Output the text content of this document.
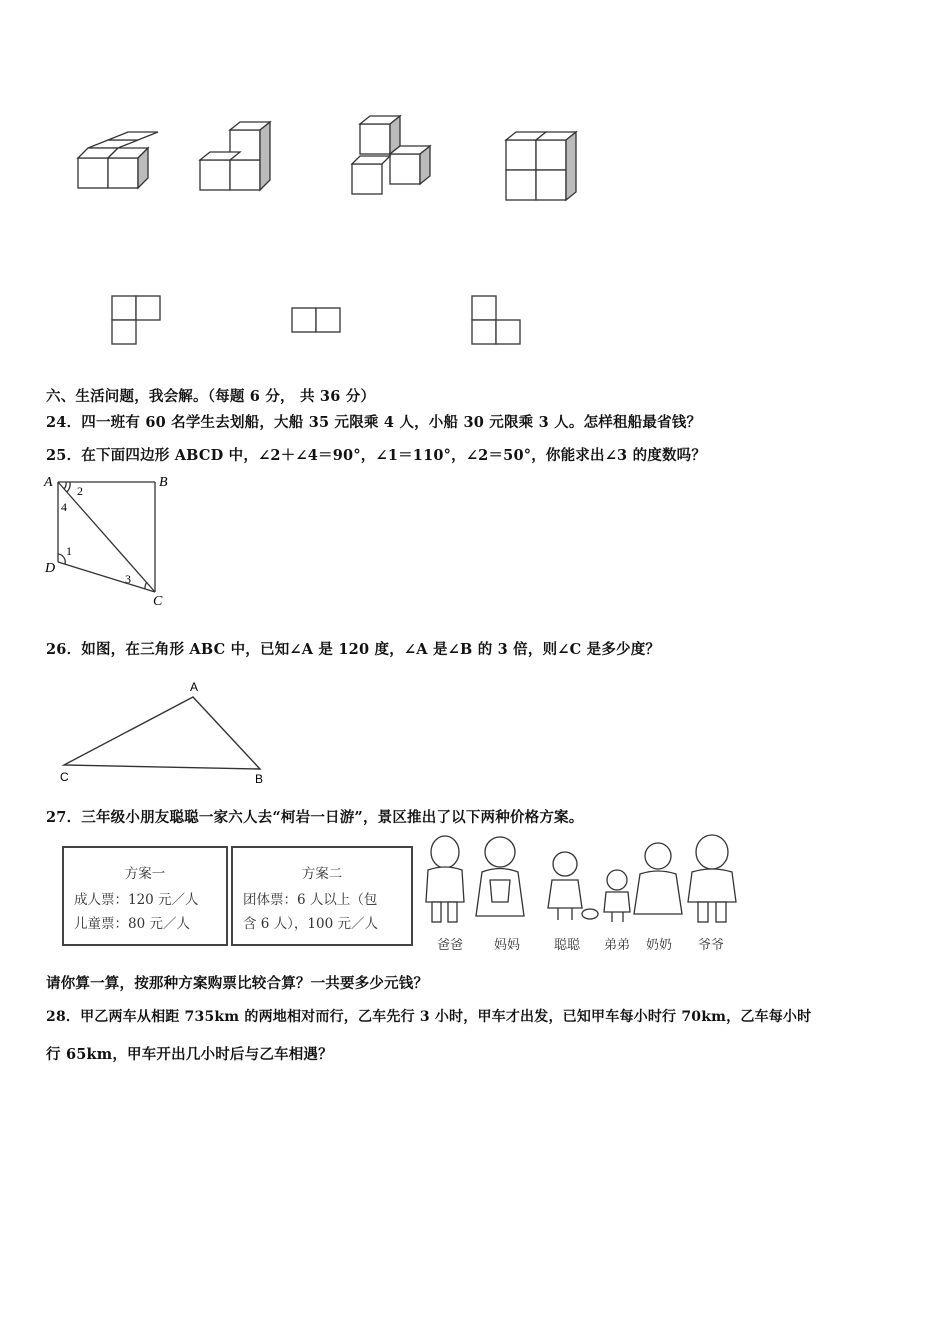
六、生活问题，我会解。（每题 6 分， 共 36 分）
24．四一班有 60 名学生去划船，大船 35 元限乘 4 人，小船 30 元限乘 3 人。怎样租船最省钱？
25．在下面四边形 ABCD 中，∠2＋∠4＝90°，∠1＝110°，∠2＝50°，你能求出∠3 的度数吗？
A	B
C
D
2
4
1
3
26．如图，在三角形 ABC 中，已知∠A 是 120 度，∠A 是∠B 的 3 倍，则∠C 是多少度？
A
B
C
27．三年级小朋友聪聪一家六人去“柯岩一日游”，景区推出了以下两种价格方案。
方案一
成人票：120 元／人
儿童票：80 元／人
方案二
团体票：6 人以上（包
含 6 人），100 元／人
爸爸	妈妈	聪聪	弟弟	奶奶	爷爷
请你算一算，按那种方案购票比较合算？一共要多少元钱？
28．甲乙两车从相距 735km 的两地相对而行，乙车先行 3 小时，甲车才出发，已知甲车每小时行 70km，乙车每小时
行 65km，甲车开出几小时后与乙车相遇？
